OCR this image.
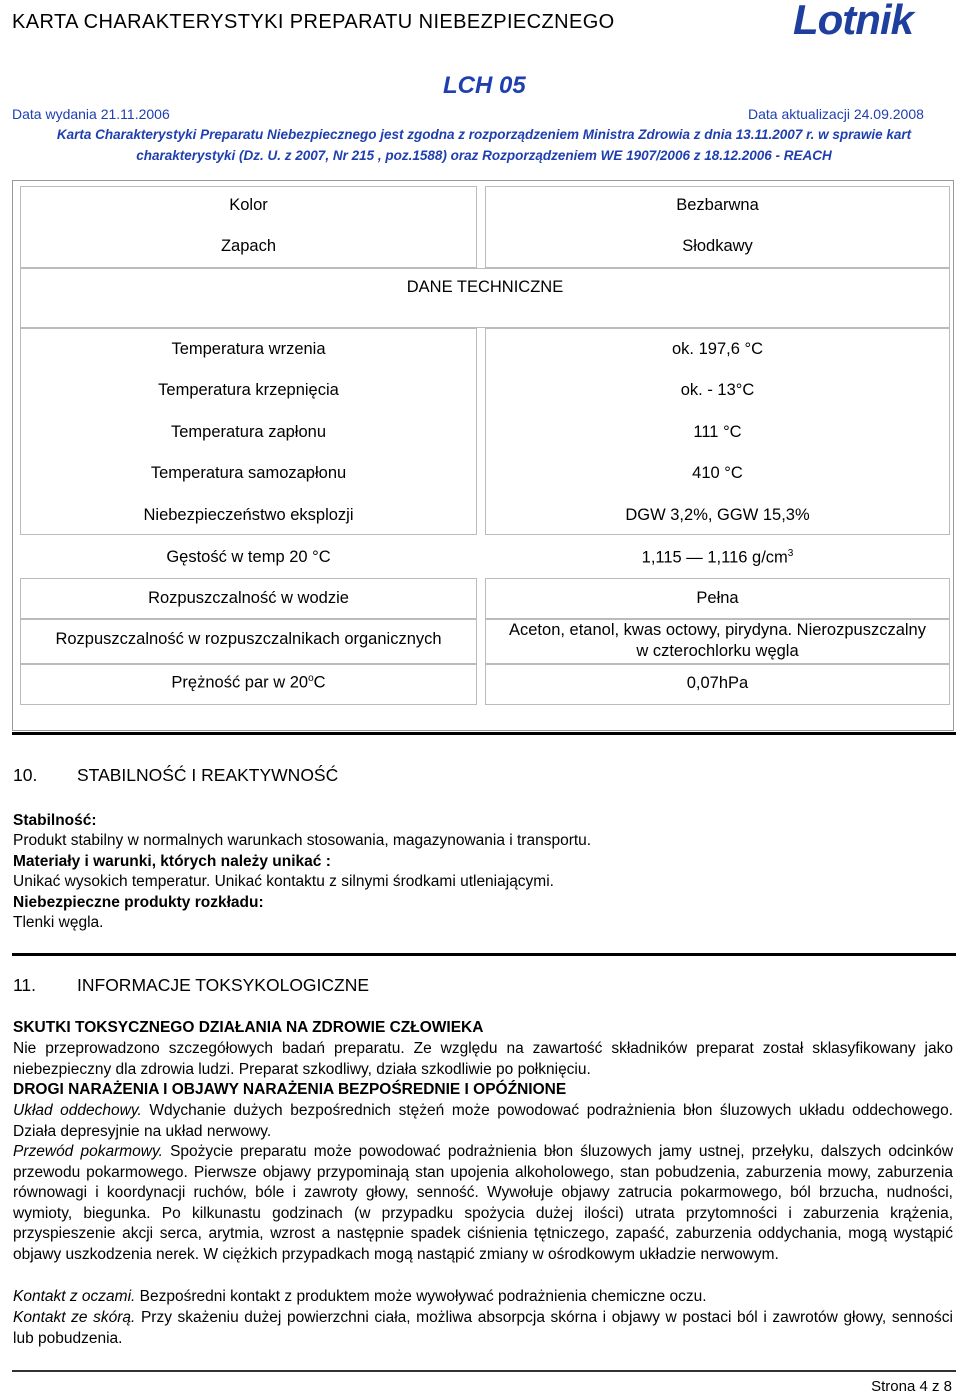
KARTA CHARAKTERYSTYKI PREPARATU NIEBEZPIECZNEGO	Lotnik
LCH 05
Data wydania 21.11.2006	Data aktualizacji 24.09.2008
Karta Charakterystyki Preparatu Niebezpiecznego jest zgodna z rozporządzeniem Ministra Zdrowia z dnia 13.11.2007 r. w sprawie kart
charakterystyki (Dz. U. z 2007, Nr 215 , poz.1588) oraz Rozporządzeniem WE 1907/2006 z 18.12.2006 - REACH
Kolor	Bezbarwna
Zapach	Słodkawy
DANE TECHNICZNE
Temperatura wrzenia	ok. 197,6 °C
Temperatura krzepnięcia	ok. - 13°C
Temperatura zapłonu	111 °C
Temperatura samozapłonu	410 °C
Niebezpieczeństwo eksplozji	DGW 3,2%, GGW 15,3%
Gęstość w temp 20 °C	1,115 — 1,116 $g/cm^3$
Rozpuszczalność w wodzie	Pełna
Rozpuszczalność w rozpuszczalnikach organicznych	Aceton, etanol, kwas octowy, pirydyna. Nierozpuszczalny
w czterochlorku węgla
Prężność par w 20$^o$C	0,07hPa
10. STABILNOŚĆ I REAKTYWNOŚĆ
Stabilność:
Produkt stabilny w normalnych warunkach stosowania, magazynowania i transportu.
Materiały i warunki, których należy unikać :
Unikać wysokich temperatur. Unikać kontaktu z silnymi środkami utleniającymi.
Niebezpieczne produkty rozkładu:
Tlenki węgla.
11. INFORMACJE TOKSYKOLOGICZNE
SKUTKI TOKSYCZNEGO DZIAŁANIA NA ZDROWIE CZŁOWIEKA
Nie przeprowadzono szczegółowych badań preparatu. Ze względu na zawartość składników preparat został sklasyfikowany jako niebezpieczny dla zdrowia ludzi. Preparat szkodliwy, działa szkodliwie po połknięciu.
DROGI NARAŻENIA I OBJAWY NARAŻENIA BEZPOŚREDNIE I OPÓŹNIONE
Układ oddechowy. Wdychanie dużych bezpośrednich stężeń może powodować podrażnienia błon śluzowych układu oddechowego. Działa depresyjnie na układ nerwowy.
Przewód pokarmowy. Spożycie preparatu może powodować podrażnienia błon śluzowych jamy ustnej, przełyku, dalszych odcinków przewodu pokarmowego. Pierwsze objawy przypominają stan upojenia alkoholowego, stan pobudzenia, zaburzenia mowy, zaburzenia równowagi i koordynacji ruchów, bóle i zawroty głowy, senność. Wywołuje objawy zatrucia pokarmowego, ból brzucha, nudności, wymioty, biegunka. Po kilkunastu godzinach (w przypadku spożycia dużej ilości) utrata przytomności i zaburzenia krążenia, przyspieszenie akcji serca, arytmia, wzrost a następnie spadek ciśnienia tętniczego, zapaść, zaburzenia oddychania, mogą wystąpić objawy uszkodzenia nerek. W ciężkich przypadkach mogą nastąpić zmiany w ośrodkowym układzie nerwowym.
Kontakt z oczami. Bezpośredni kontakt z produktem może wywoływać podrażnienia chemiczne oczu.
Kontakt ze skórą. Przy skażeniu dużej powierzchni ciała, możliwa absorpcja skórna i objawy w postaci ból i zawrotów głowy, senności lub pobudzenia.
Strona 4 z 8
